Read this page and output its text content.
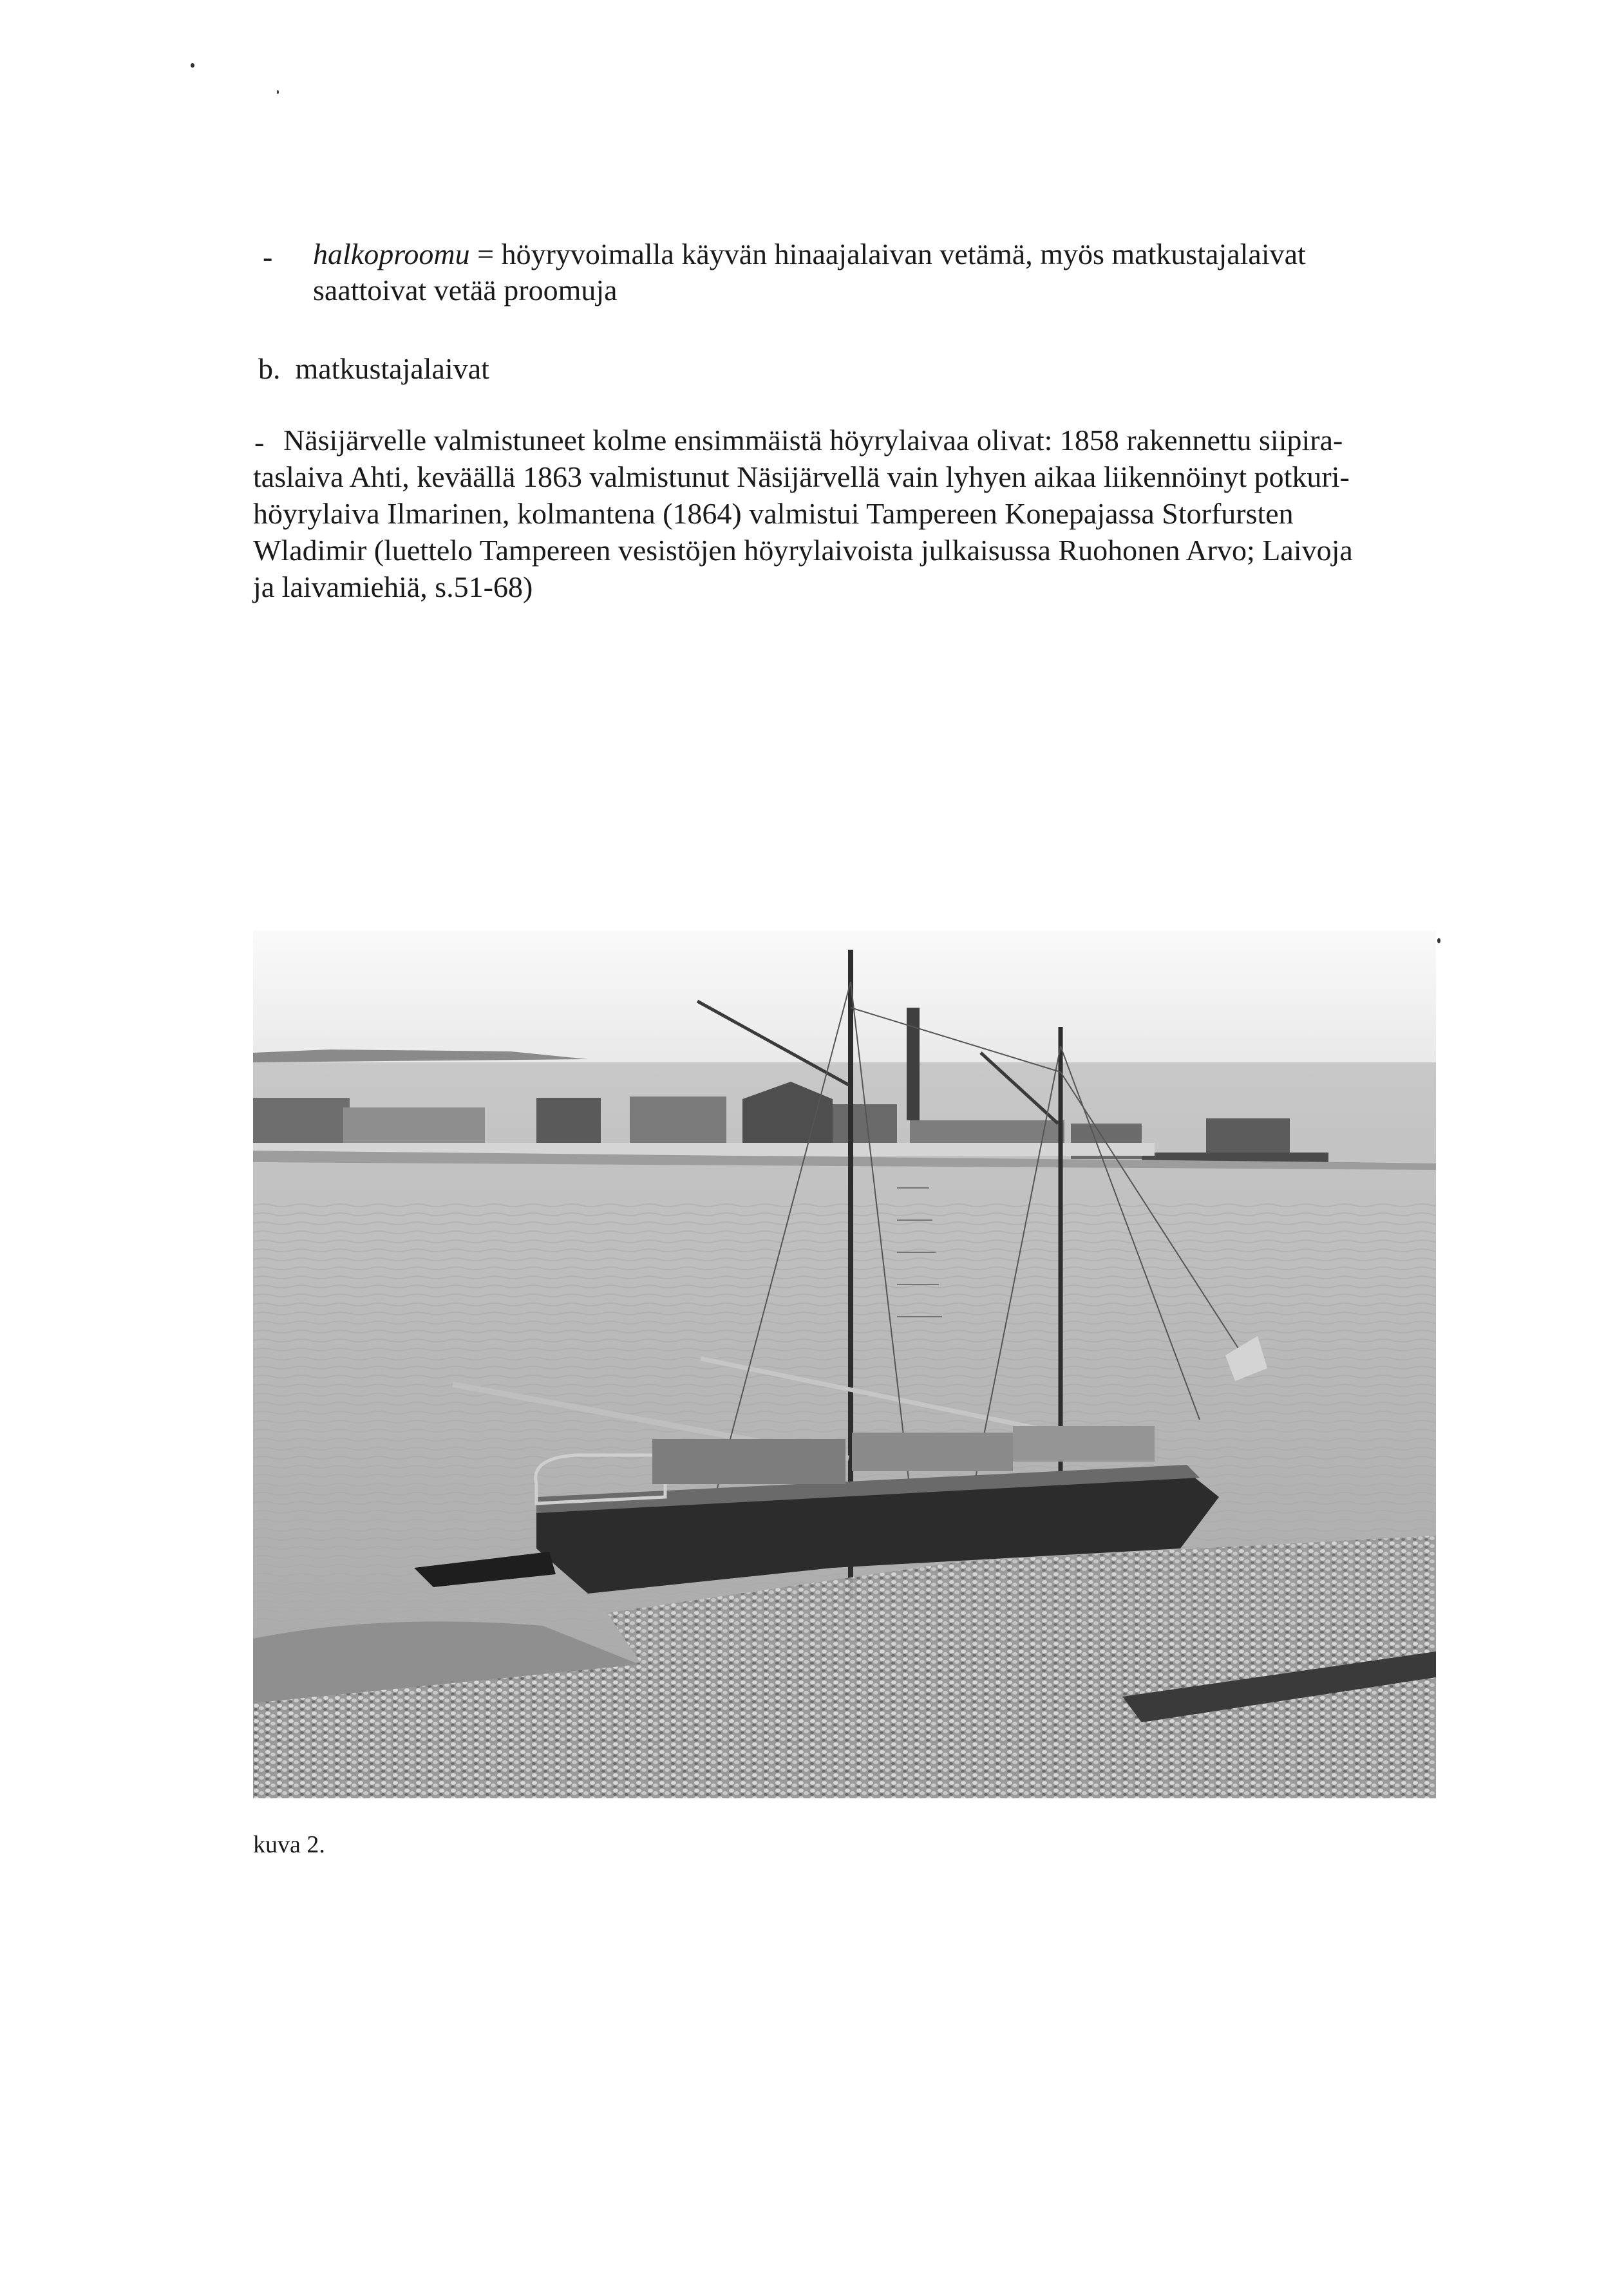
- halkoproomu = höyryvoimalla käyvän hinaajalaivan vetämä, myös matkustajalaivat
saattoivat vetää proomuja
b. matkustajalaivat
- Näsijärvelle valmistuneet kolme ensimmäistä höyrylaivaa olivat: 1858 rakennettu siipira-
taslaiva Ahti, keväällä 1863 valmistunut Näsijärvellä vain lyhyen aikaa liikennöinyt potkuri-
höyrylaiva Ilmarinen, kolmantena (1864) valmistui Tampereen Konepajassa Storfursten
Wladimir (luettelo Tampereen vesistöjen höyrylaivoista julkaisussa Ruohonen Arvo; Laivoja
ja laivamiehiä, s.51-68)
kuva 2.
